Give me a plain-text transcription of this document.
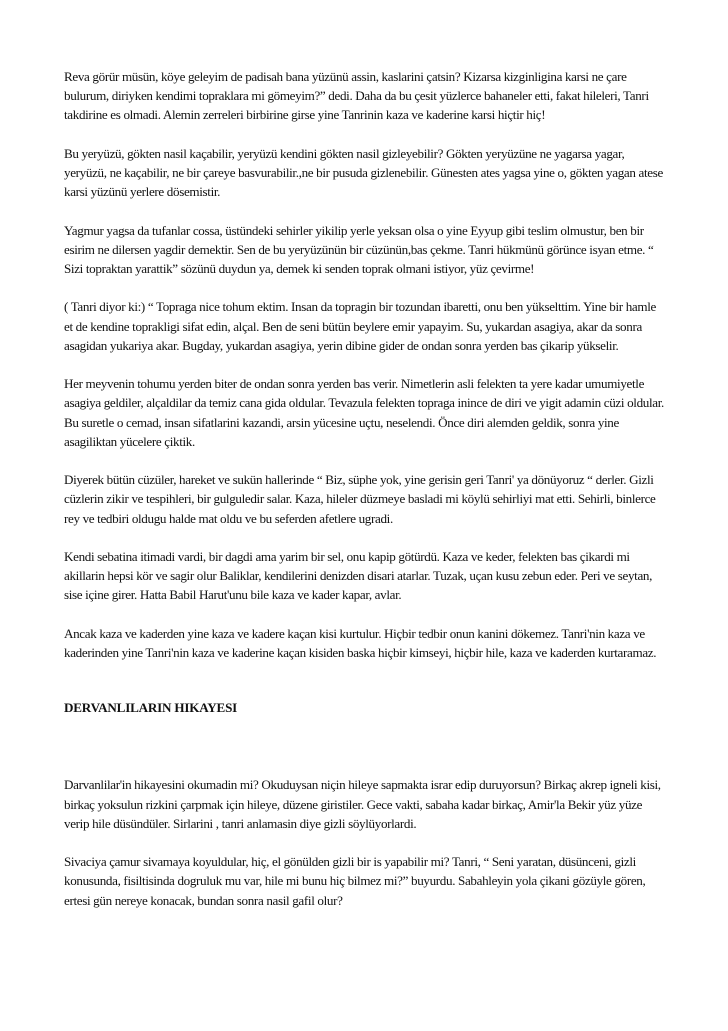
Reva görür müsün, köye geleyim de padisah bana yüzünü assin, kaslarini çatsin? Kizarsa kizginligina karsi ne çare bulurum, diriyken kendimi topraklara mi gömeyim?” dedi. Daha da bu çesit yüzlerce bahaneler etti, fakat hileleri, Tanri takdirine es olmadi. Alemin zerreleri birbirine girse yine Tanrinin kaza ve kaderine karsi hiçtir hiç!

Bu yeryüzü, gökten nasil kaçabilir, yeryüzü kendini gökten nasil gizleyebilir? Gökten yeryüzüne ne yagarsa yagar, yeryüzü, ne kaçabilir, ne bir çareye basvurabilir.,ne bir pusuda gizlenebilir. Günesten ates yagsa yine o, gökten yagan atese karsi yüzünü yerlere dösemistir.

Yagmur yagsa da tufanlar cossa, üstündeki sehirler yikilip yerle yeksan olsa o yine Eyyup gibi teslim olmustur, ben bir esirim ne dilersen yagdir demektir. Sen de bu yeryüzünün bir cüzünün,bas çekme. Tanri hükmünü görünce isyan etme. “ Sizi topraktan yarattik” sözünü duydun ya, demek ki senden toprak olmani istiyor, yüz çevirme!

( Tanri diyor ki:) “ Topraga nice tohum ektim. Insan da topragin bir tozundan ibaretti, onu ben yükselttim. Yine bir hamle et de kendine toprakligi sifat edin, alçal. Ben de seni bütün beylere emir yapayim. Su, yukardan asagiya, akar da sonra asagidan yukariya akar. Bugday, yukardan asagiya, yerin dibine gider de ondan sonra yerden bas çikarip yükselir.

Her meyvenin tohumu yerden biter de ondan sonra yerden bas verir. Nimetlerin asli felekten ta yere kadar umumiyetle asagiya geldiler, alçaldilar da temiz cana gida oldular. Tevazula felekten topraga inince de diri ve yigit adamin cüzi oldular. Bu suretle o cemad, insan sifatlarini kazandi, arsin yücesine uçtu, neselendi. Önce diri alemden geldik, sonra yine asagiliktan yücelere çiktik.

Diyerek bütün cüzüler, hareket ve sukün hallerinde “ Biz, süphe yok, yine gerisin geri Tanri' ya dönüyoruz “ derler. Gizli cüzlerin zikir ve tespihleri, bir gulguledir salar. Kaza, hileler düzmeye basladi mi köylü sehirliyi mat etti. Sehirli, binlerce rey ve tedbiri oldugu halde mat oldu ve bu seferden afetlere ugradi.

Kendi sebatina itimadi vardi, bir dagdi ama yarim bir sel, onu kapip götürdü. Kaza ve keder, felekten bas çikardi mi akillarin hepsi kör ve sagir olur Baliklar, kendilerini denizden disari atarlar. Tuzak, uçan kusu zebun eder. Peri ve seytan, sise içine girer. Hatta Babil Harut'unu bile kaza ve kader kapar, avlar.

Ancak kaza ve kaderden yine kaza ve kadere kaçan kisi kurtulur. Hiçbir tedbir onun kanini dökemez. Tanri'nin kaza ve kaderinden yine Tanri'nin kaza ve kaderine kaçan kisiden baska hiçbir kimseyi, hiçbir hile, kaza ve kaderden kurtaramaz.

DERVANLILARIN HIKAYESI

Darvanlilar'in hikayesini okumadin mi? Okuduysan niçin hileye sapmakta israr edip duruyorsun? Birkaç akrep igneli kisi, birkaç yoksulun rizkini çarpmak için hileye, düzene giristiler. Gece vakti, sabaha kadar birkaç, Amir'la Bekir yüz yüze verip hile düsündüler. Sirlarini , tanri anlamasin diye gizli söylüyorlardi.

Sivaciya çamur sivamaya koyuldular, hiç, el gönülden gizli bir is yapabilir mi? Tanri, “ Seni yaratan, düsünceni, gizli konusunda, fisiltisinda dogruluk mu var, hile mi bunu hiç bilmez mi?” buyurdu. Sabahleyin yola çikani gözüyle gören, ertesi gün nereye konacak, bundan sonra nasil gafil olur?
